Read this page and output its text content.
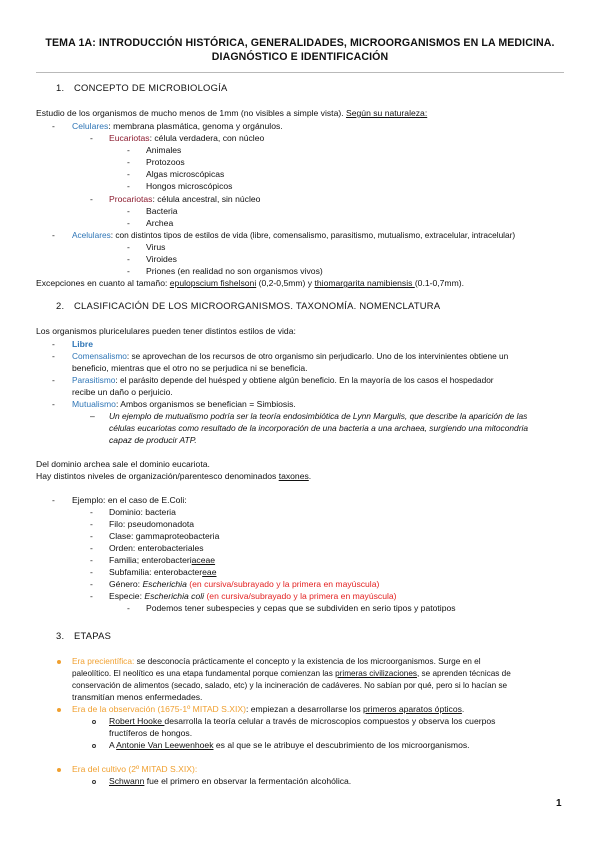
TEMA 1A: INTRODUCCIÓN HISTÓRICA, GENERALIDADES, MICROORGANISMOS EN LA MEDICINA.
DIAGNÓSTICO E IDENTIFICACIÓN
1. CONCEPTO DE MICROBIOLOGÍA
Estudio de los organismos de mucho menos de 1mm (no visibles a simple vista). Según su naturaleza:
- Celulares: membrana plasmática, genoma y orgánulos.
- Eucariotas: célula verdadera, con núcleo
- Animales
- Protozoos
- Algas microscópicas
- Hongos microscópicos
- Procariotas: célula ancestral, sin núcleo
- Bacteria
- Archea
- Acelulares: con distintos tipos de estilos de vida (libre, comensalismo, parasitismo, mutualismo, extracelular, intracelular)
- Virus
- Viroides
- Priones (en realidad no son organismos vivos)
Excepciones en cuanto al tamaño: epulopscium fishelsoni (0,2-0,5mm) y thiomargarita namibiensis (0.1-0,7mm).
2. CLASIFICACIÓN DE LOS MICROORGANISMOS. TAXONOMÍA. NOMENCLATURA
Los organismos pluricelulares pueden tener distintos estilos de vida:
- Libre
- Comensalismo: se aprovechan de los recursos de otro organismo sin perjudicarlo. Uno de los intervinientes obtiene un
beneficio, mientras que el otro no se perjudica ni se beneficia.
- Parasitismo: el parásito depende del huésped y obtiene algún beneficio. En la mayoría de los casos el hospedador
recibe un daño o perjuicio.
- Mutualismo: Ambos organismos se benefician = Simbiosis.
– Un ejemplo de mutualismo podría ser la teoría endosimbiótica de Lynn Margulis, que describe la aparición de las
células eucariotas como resultado de la incorporación de una bacteria a una archaea, surgiendo una mitocondria
capaz de producir ATP.
Del dominio archea sale el dominio eucariota.
Hay distintos niveles de organización/parentesco denominados taxones.
- Ejemplo: en el caso de E.Coli:
- Dominio: bacteria
- Filo: pseudomonadota
- Clase: gammaproteobacteria
- Orden: enterobacteriales
- Familia; enterobacteriaceae
- Subfamilia: enterobactereae
- Género: Escherichia (en cursiva/subrayado y la primera en mayúscula)
- Especie: Escherichia coli (en cursiva/subrayado y la primera en mayúscula)
- Podemos tener subespecies y cepas que se subdividen en serio tipos y patotipos
3. ETAPAS
Era precientífica: se desconocía prácticamente el concepto y la existencia de los microorganismos. Surge en el
paleolítico. El neolítico es una etapa fundamental porque comienzan las primeras civilizaciones, se aprenden técnicas de
conservación de alimentos (secado, salado, etc) y la incineración de cadáveres. No sabían por qué, pero si lo hacían se
transmitían menos enfermedades.
Era de la observación (1675-1º MITAD S.XIX): empiezan a desarrollarse los primeros aparatos ópticos.
Robert Hooke desarrolla la teoría celular a través de microscopios compuestos y observa los cuerpos
fructíferos de hongos.
A Antonie Van Leewenhoek es al que se le atribuye el descubrimiento de los microorganismos.
Era del cultivo (2º MITAD S.XIX):
Schwann fue el primero en observar la fermentación alcohólica.
1
